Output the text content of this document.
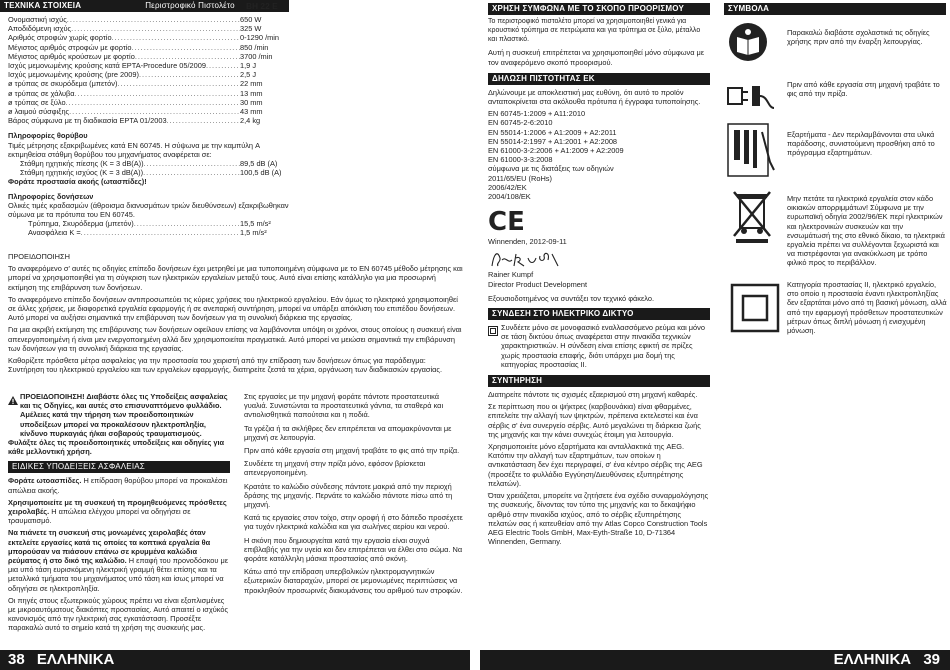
ΤΕΧΝΙΚΑ ΣΤΟΙΧΕΙΑ	Περιστροφικό Πιστολέτο BH 22 E
Ονομαστική ισχύς .....	650 W
Αποδιδόμενη ισχύς .....	325 W
Αριθμός στροφών χωρίς φορτίο .....	0-1290 /min
Μέγιστος αριθμός στροφών με φορτίο .....	850 /min
Μέγιστος αριθμός κρούσεων με φορτίο .....	3700 /min
Ισχύς μεμονωμένης κρούσης κατά EPTA-Procedure 05/2009 .....	1,9 J
Ισχύς μεμονωμένης κρούσης (pre 2009) .....	2,5 J
ø τρύπας σε σκυρόδεμα (μπετόν) .....	22 mm
ø τρύπας σε χάλυβα .....	13 mm
ø τρύπας σε ξύλο .....	30 mm
ø λαιμού σύσφιξης .....	43 mm
Βάρος σύμφωνα με τη διαδικασία EPTA 01/2003 .....	2,4 kg

Πληροφορίες θορύβου

Τιμές μέτρησης εξακριβωμένες κατά EN 60745. Η σύψωνα με την καμπύλη A εκτιμηθείσα στάθμη θορύβου του μηχανήματος αναφέρεται σε:

Στάθμη ηχητικής πίεσης (K = 3 dB(A)) .....	89,5 dB (A)
Στάθμη ηχητικής ισχύος (K = 3 dB(A)) .....	100,5 dB (A)

Φοράτε προστασία ακοής (ωτασπίδες)!

Πληροφορίες δονήσεων

Ολικές τιμές κραδασμών (άθροισμα διανυσμάτων τριών διευθύνσεων) εξακριβωθηκαν σύμωνα με τα πρότυπα του EN 60745.

Τρύπημα, Σκυρόδερμα (μπετόν) .....	15,5 m/s²
Ανασφάλεια K = .....	1,5 m/s²

ΠΡΟΕΙΔΟΠΟΙΗΣΗ

Το αναφερόμενο σ' αυτές τις οδηγίες επίπεδο δονήσεων έχει μετρηθεί με μια τυποποιημένη σύμφωνα με το EN 60745 μέθοδο μέτρησης και μπορεί να χρησιμοποιηθεί για τη σύγκριση των ηλεκτρικών εργαλείων μεταξύ τους. Αυτό είναι επίσης κατάλληλο για μια προσωρινή εκτίμηση της επιβάρυνση των δονήσεων.

Το αναφερόμενο επίπεδο δονήσεων αντιπροσωπεύει τις κύριες χρήσεις του ηλεκτρικού εργαλείου. Εάν όμως το ηλεκτρικό χρησιμοποιηθεί σε άλλες χρήσεις, με διαφορετικά εργαλεία εφαρμογής ή σε ανεπαρκή συντήρηση, μπορεί να υπάρξει απόκλιση του επιπέδου δονήσεων. Αυτό μπορεί να αυξήσει σημαντικά την επιβάρυνση των δονήσεων για τη συνολική διάρκεια της εργασίας.

Για μια ακριβή εκτίμηση της επιβάρυνσης των δονήσεων οφείλουν επίσης να λαμβάνονται υπόψη οι χρόνοι, στους οποίους η συσκευή είναι απενεργοποιημένη ή είναι μεν ενεργοποιημένη αλλά δεν χρησιμοποιείται πραγματικά. Αυτό μπορεί να μειώσει σημαντικά την επιβάρυνση των δονήσεων για τη συνολική διάρκεια της εργασίας.

Καθορίζετε πρόσθετα μέτρα ασφαλείας για την προστασία του χειριστή από την επίδραση των δονήσεων όπως για παράδειγμα: Συντήρηση του ηλεκτρικού εργαλείου και των εργαλείων εφαρμογής, διατηρείτε ζεστά τα χέρια, οργάνωση των διαδικασιών εργασίας.

ΠΡΟΕΙΔΟΠΟΙΗΣΗ! Διαβάστε όλες τις Υποδείξεις ασφαλείας και τις Οδηγίες, και αυτές στο επισυναπτόμενο φυλλάδιο. Αμέλειες κατά την τήρηση των προειδοποιητικών υποδείξεων μπορεί να προκαλέσουν ηλεκτροπληξία, κίνδυνο πυρκαγιάς ή/και σοβαρούς τραυματισμούς.

Φυλάξτε όλες τις προειδοποιητικές υποδείξεις και οδηγίες για κάθε μελλοντική χρήση.

ΕΙΔΙΚΕΣ ΥΠΟΔΕΙΞΕΙΣ ΑΣΦΑΛΕΙΑΣ

Φοράτε ωτοασπίδες. Η επίδραση θορύβου μπορεί να προκαλέσει απώλεια ακοής.

Χρησιμοποιείτε με τη συσκευή τη προμηθευόμενες πρόσθετες χειρολαβές. Η απώλεια ελέγχου μπορεί να οδηγήσει σε τραυματισμό.

Να πιάνετε τη συσκευή στις μονωμένες χειρολαβές όταν εκτελείτε εργασίες κατά τις οποίες τα κοπτικά εργαλεία θα μπορούσαν να πιάσουν επάνω σε κρυμμένα καλώδια ρεύματος ή στο δικό της καλώδιο. Η επαφή του προνοδόσκου με μια υπό τάση ευρισκόμενη ηλεκτρική γραμμή θέτει επίσης και τα μεταλλικά τμήματα του μηχανήματος υπό τάση και ίσως μπορεί να οδηγήσει σε ηλεκτροπληξία.

Οι πηγές στους εξωτερικούς χώρους πρέπει να είναι εξοπλισμένες με μικροαυτόματους διακόπτες προστασίας. Αυτό απαιτεί ο ισχύκός κανονισμός από την ηλεκτρική σας εγκατάσταση. Προσέξτε παρακαλώ αυτό το σημείο κατά τη χρήση της συσκευής μας.

Στις εργασίες με την μηχανή φοράτε πάντοτε προστατευτικά γυαλιά. Συνιστώνται τα προστατευτικά γάντια, τα σταθερά και αντιολισθητικά παπούτσια και η ποδιά.

Τα γρέζια ή τα σκλήθρες δεν επιτρέπεται να απομακρύνονται με μηχανή σε λειτουργία.

Πριν από κάθε εργασία στη μηχανή τραβάτε το φις από την πρίζα.

Συνδέετε τη μηχανή στην πρίζα μόνο, εφόσον βρίσκεται απενεργοποιημένη.

Κρατάτε το καλώδιο σύνδεσης πάντοτε μακριά από την περιοχή δράσης της μηχανής. Περνάτε το καλώδιο πάντοτε πίσω από τη μηχανή.

Κατά τις εργασίες στον τοίχο, στην οροφή ή στο δάπεδο προσέχετε για τυχόν ηλεκτρικά καλώδια και για σωλήνες αερίου και νερού.

Η σκόνη που δημιουργείται κατά την εργασία είναι συχνά επιβλαβής για την υγεία και δεν επιτρέπεται να έλθει στο σώμα. Να φοράτε κατάλληλη μάσκα προστασίας από σκόνη.

Κάτω από την επίδραση υπερβολικών ηλεκτρομαγνητικών εξωτερικών διαταραχών, μπορεί σε μεμονωμένες περιπτώσεις να προκληθούν προσωρινές διακυμάνσεις του αριθμού των στροφών.

38 ΕΛΛΗΝΙΚΑ
ΧΡΗΣΗ ΣΥΜΦΩΝΑ ΜΕ ΤΟ ΣΚΟΠΟ ΠΡΟΟΡΙΣΜΟΥ

Το περιστροφικό πιστολέτο μπορεί να χρησιμοποιηθεί γενικά για κρουστικό τρύπημα σε πετρώματα και για τρύπημα σε ξύλο, μέταλλο και πλαστικό.

Αυτή η συσκευή επιτρέπεται να χρησιμοποιηθεί μόνο σύμφωνα με τον αναφερόμενο σκοπό προορισμού.

ΔΗΛΩΣΗ ΠΙΣΤΟΤΗΤΑΣ ΕΚ

Δηλώνουμε με αποκλειστική μας ευθύνη, ότι αυτό το προϊόν ανταποκρίνεται στα ακόλουθα πρότυπα ή έγγραφα τυποποίησης.

EN 60745-1:2009 + A11:2010

EN 60745-2-6:2010

EN 55014-1:2006 + A1:2009 + A2:2011

EN 55014-2:1997 + A1:2001 + A2:2008

EN 61000-3-2:2006 + A1:2009 + A2:2009

EN 61000-3-3:2008

σύμφωνα με τις διατάξεις των οδηγιών

2011/65/EU (RoHs)

2006/42/EK

2004/108/EK

CE

Winnenden, 2012-09-11

Rainer Kumpf

Director Product Development

Εξουσιοδοτημένος να συντάξει τον τεχνικό φάκελο.

ΣΥΝΔΕΣΗ ΣΤΟ ΗΛΕΚΤΡΙΚΟ ΔΙΚΤΥΟ

Συνδέετε μόνο σε μονοφασικό εναλλασσόμενο ρεύμα και μόνο σε τάση δικτύου όπως αναφέρεται στην πινακίδα τεχνικών χαρακτηριστικών. Η σύνδεση είναι επίσης εφικτή σε πρίζες χωρίς προστασία επαφής, διότι υπάρχει μια δομή της κατηγορίας προστασίας II.

ΣΥΝΤΗΡΗΣΗ

Διατηρείτε πάντοτε τις σχισμές εξαερισμού στη μηχανή καθαρές.

Σε περίπτωση που οι ψήκτρες (καρβουνάκια) είναι φθαρμένες, επιτελείτε την αλλαγή των ψηκτρών, πρέπεινα εκτελεστεί και ένα σέρβις σ' ένα συνεργείο σέρβις. Αυτό μεγαλώνει τη διάρκεια ζωής της μηχανής και την κάνει συνεχώς έτοιμη για λειτουργία.

Χρησιμοποιείτε μόνο εξαρτήματα και ανταλλακτικά της AEG. Κατόπιν την αλλαγή των εξαρτημάτων, των οποίων η αντικατάσταση δεν έχει περιγραφεί, σ' ένα κέντρο σέρβις της AEG (προσέξτε το φυλλάδιο Εγγύηση/Διευθύνσεις εξυπηρέτησης πελατών).

Όταν χρειάζεται, μπορείτε να ζητήσετε ένα σχέδιο συναρμολόγησης της συσκευής, δίνοντας τον τύπο της μηχανής και το δεκαψήφιο αριθμό στην πινακίδα ισχύος, από το σέρβις εξυπηρέτησης πελατών σας ή κατευθείαν από την Atlas Copco Construction Tools AEG Electric Tools GmbH, Max-Eyth-Straße 10, D-71364 Winnenden, Germany.

ΣΥΜΒΟΛΑ

Παρακαλώ διαβάστε σχολαστικά τις οδηγίες χρήσης πριν από την έναρξη λειτουργίας.

Πριν από κάθε εργασία στη μηχανή τραβάτε το φις από την πρίζα.

Εξαρτήματα - Δεν περιλαμβάνονται στα υλικά παράδοσης, συνιστούμενη προσθήκη από το πρόγραμμα εξαρτημάτων.

Μην πετάτε τα ηλεκτρικά εργαλεία στον κάδο οικιακών απορριμμάτων! Σύμφωνα με την ευρωπαϊκή οδηγία 2002/96/ΕΚ περί ηλεκτρικών και ηλεκτρονικών συσκευών και την ενσωμάτωσή της στο εθνικό δίκαιο, τα ηλεκτρικά εργαλεία πρέπει να συλλέγονται ξεχωριστά και να πιστρέφονται για ανακύκλωση με τρόπο φιλικό προς το περιβάλλον.

Κατηγορία προστασίας II, ηλεκτρικό εργαλείο, στο οποίο η προστασία έναντι ηλεκτροπληξίας δεν εξαρτάται μόνο από τη βασική μόνωση, αλλά από την εφαρμογή πρόσθετων προστατευτικών μέτρων όπως διπλή μόνωση ή ενισχυμένη μόνωση.

ΕΛΛΗΝΙΚΑ 39
